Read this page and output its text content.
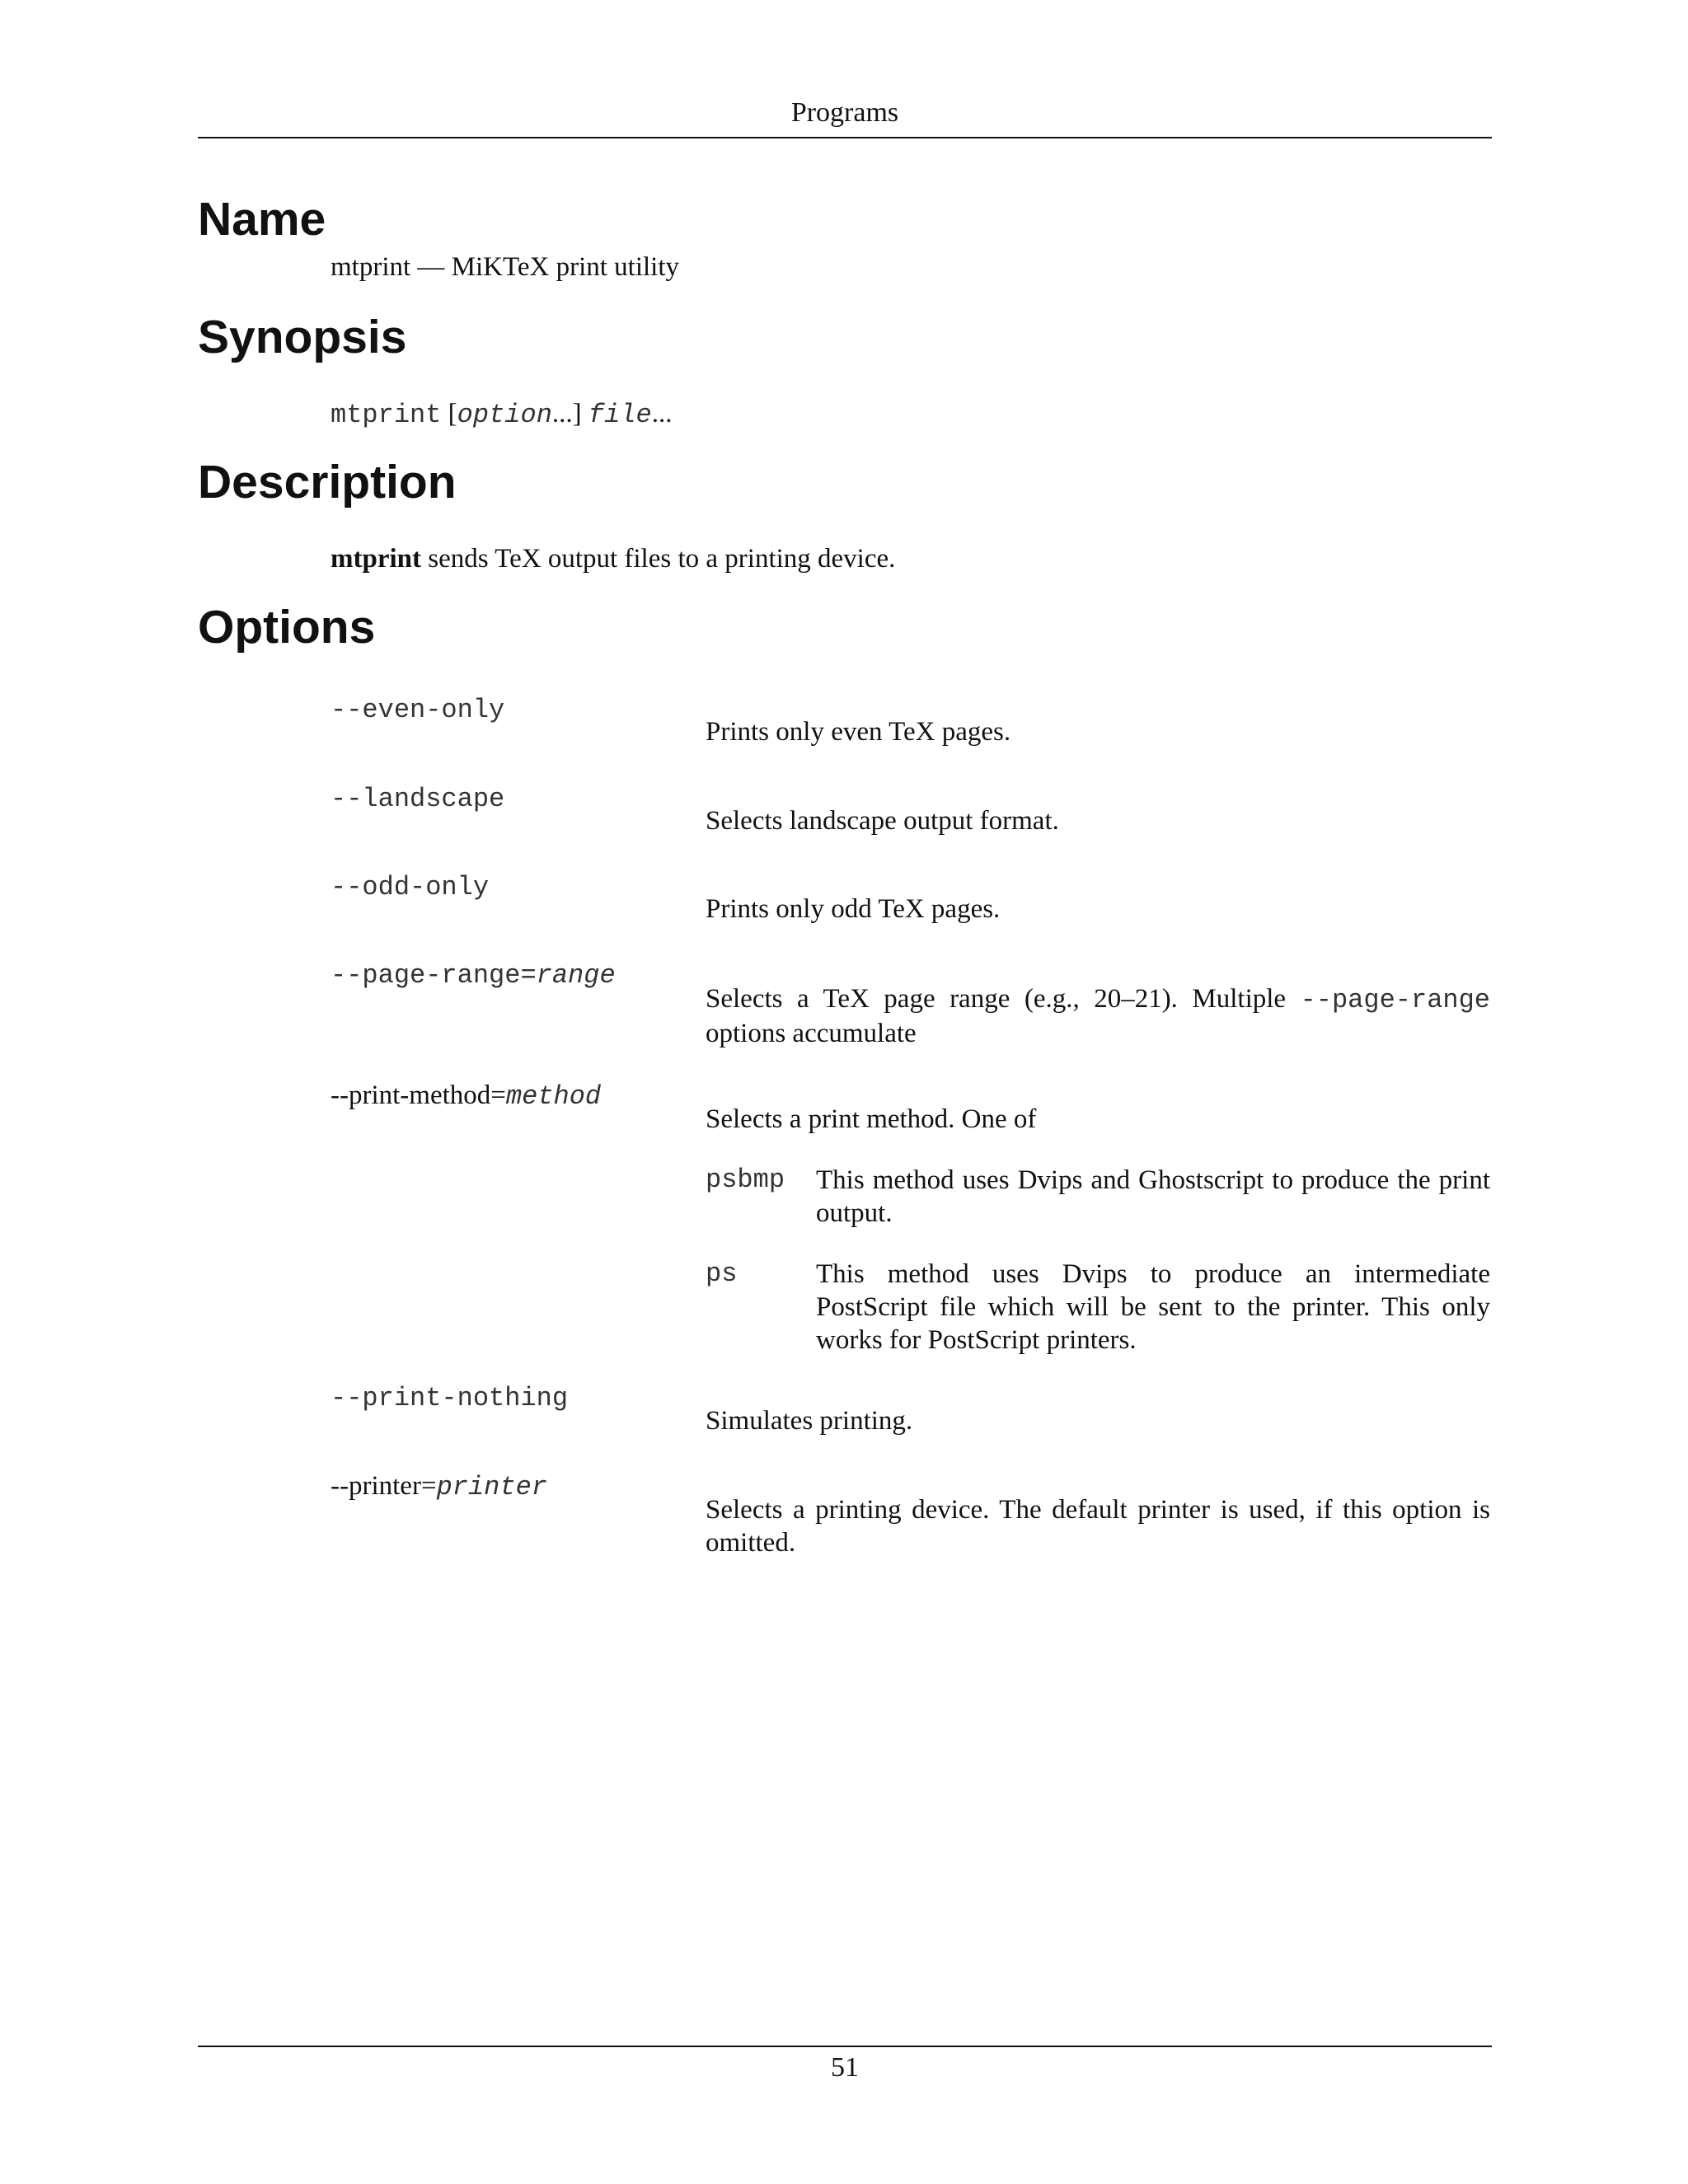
Programs
Name
mtprint — MiKTeX print utility
Synopsis
mtprint [option...] file...
Description
mtprint sends TeX output files to a printing device.
Options
--even-only
Prints only even TeX pages.
--landscape
Selects landscape output format.
--odd-only
Prints only odd TeX pages.
--page-range=range
Selects a TeX page range (e.g., 20–21). Multiple --page-range options accumulate
--print-method=method
Selects a print method. One of
psbmp This method uses Dvips and Ghostscript to produce the print output.
ps	This method uses Dvips to produce an intermediate PostScript file which will be sent to the printer. This only works for PostScript printers.
--print-nothing
Simulates printing.
--printer=printer
Selects a printing device. The default printer is used, if this option is omitted.
51
